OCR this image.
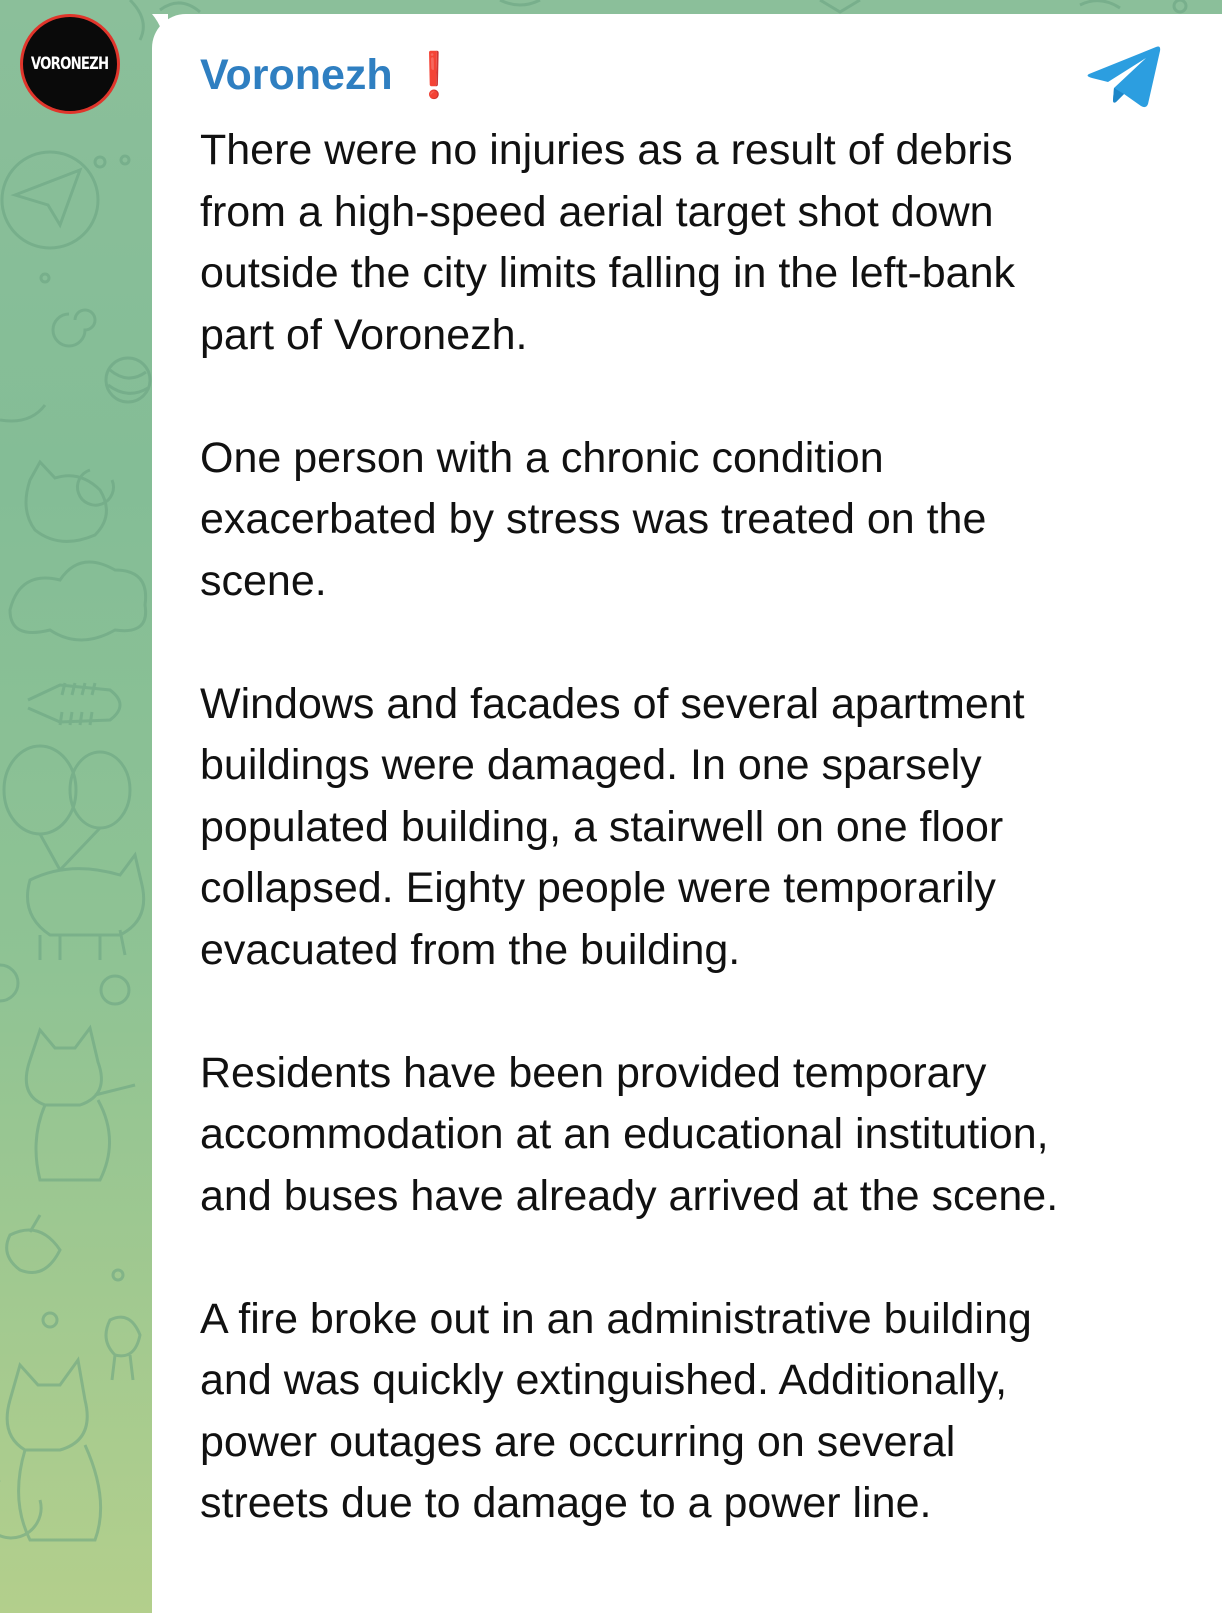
VORONEZH Voronezh ❗

There were no injuries as a result of debris
from a high-speed aerial target shot down
outside the city limits falling in the left-bank
part of Voronezh.

One person with a chronic condition
exacerbated by stress was treated on the
scene.

Windows and facades of several apartment
buildings were damaged. In one sparsely
populated building, a stairwell on one floor
collapsed. Eighty people were temporarily
evacuated from the building.

Residents have been provided temporary
accommodation at an educational institution,
and buses have already arrived at the scene.

A fire broke out in an administrative building
and was quickly extinguished. Additionally,
power outages are occurring on several
streets due to damage to a power line.
